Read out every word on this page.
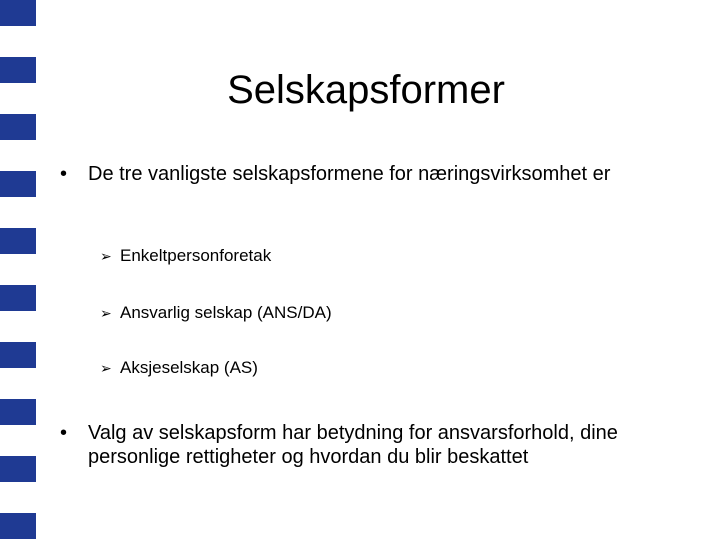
Selskapsformer
•	De tre vanligste selskapsformene for næringsvirksomhet er
➢ Enkeltpersonforetak
➢ Ansvarlig selskap (ANS/DA)
➢ Aksjeselskap (AS)
•	Valg av selskapsform har betydning for ansvarsforhold, dine personlige rettigheter og hvordan du blir beskattet
